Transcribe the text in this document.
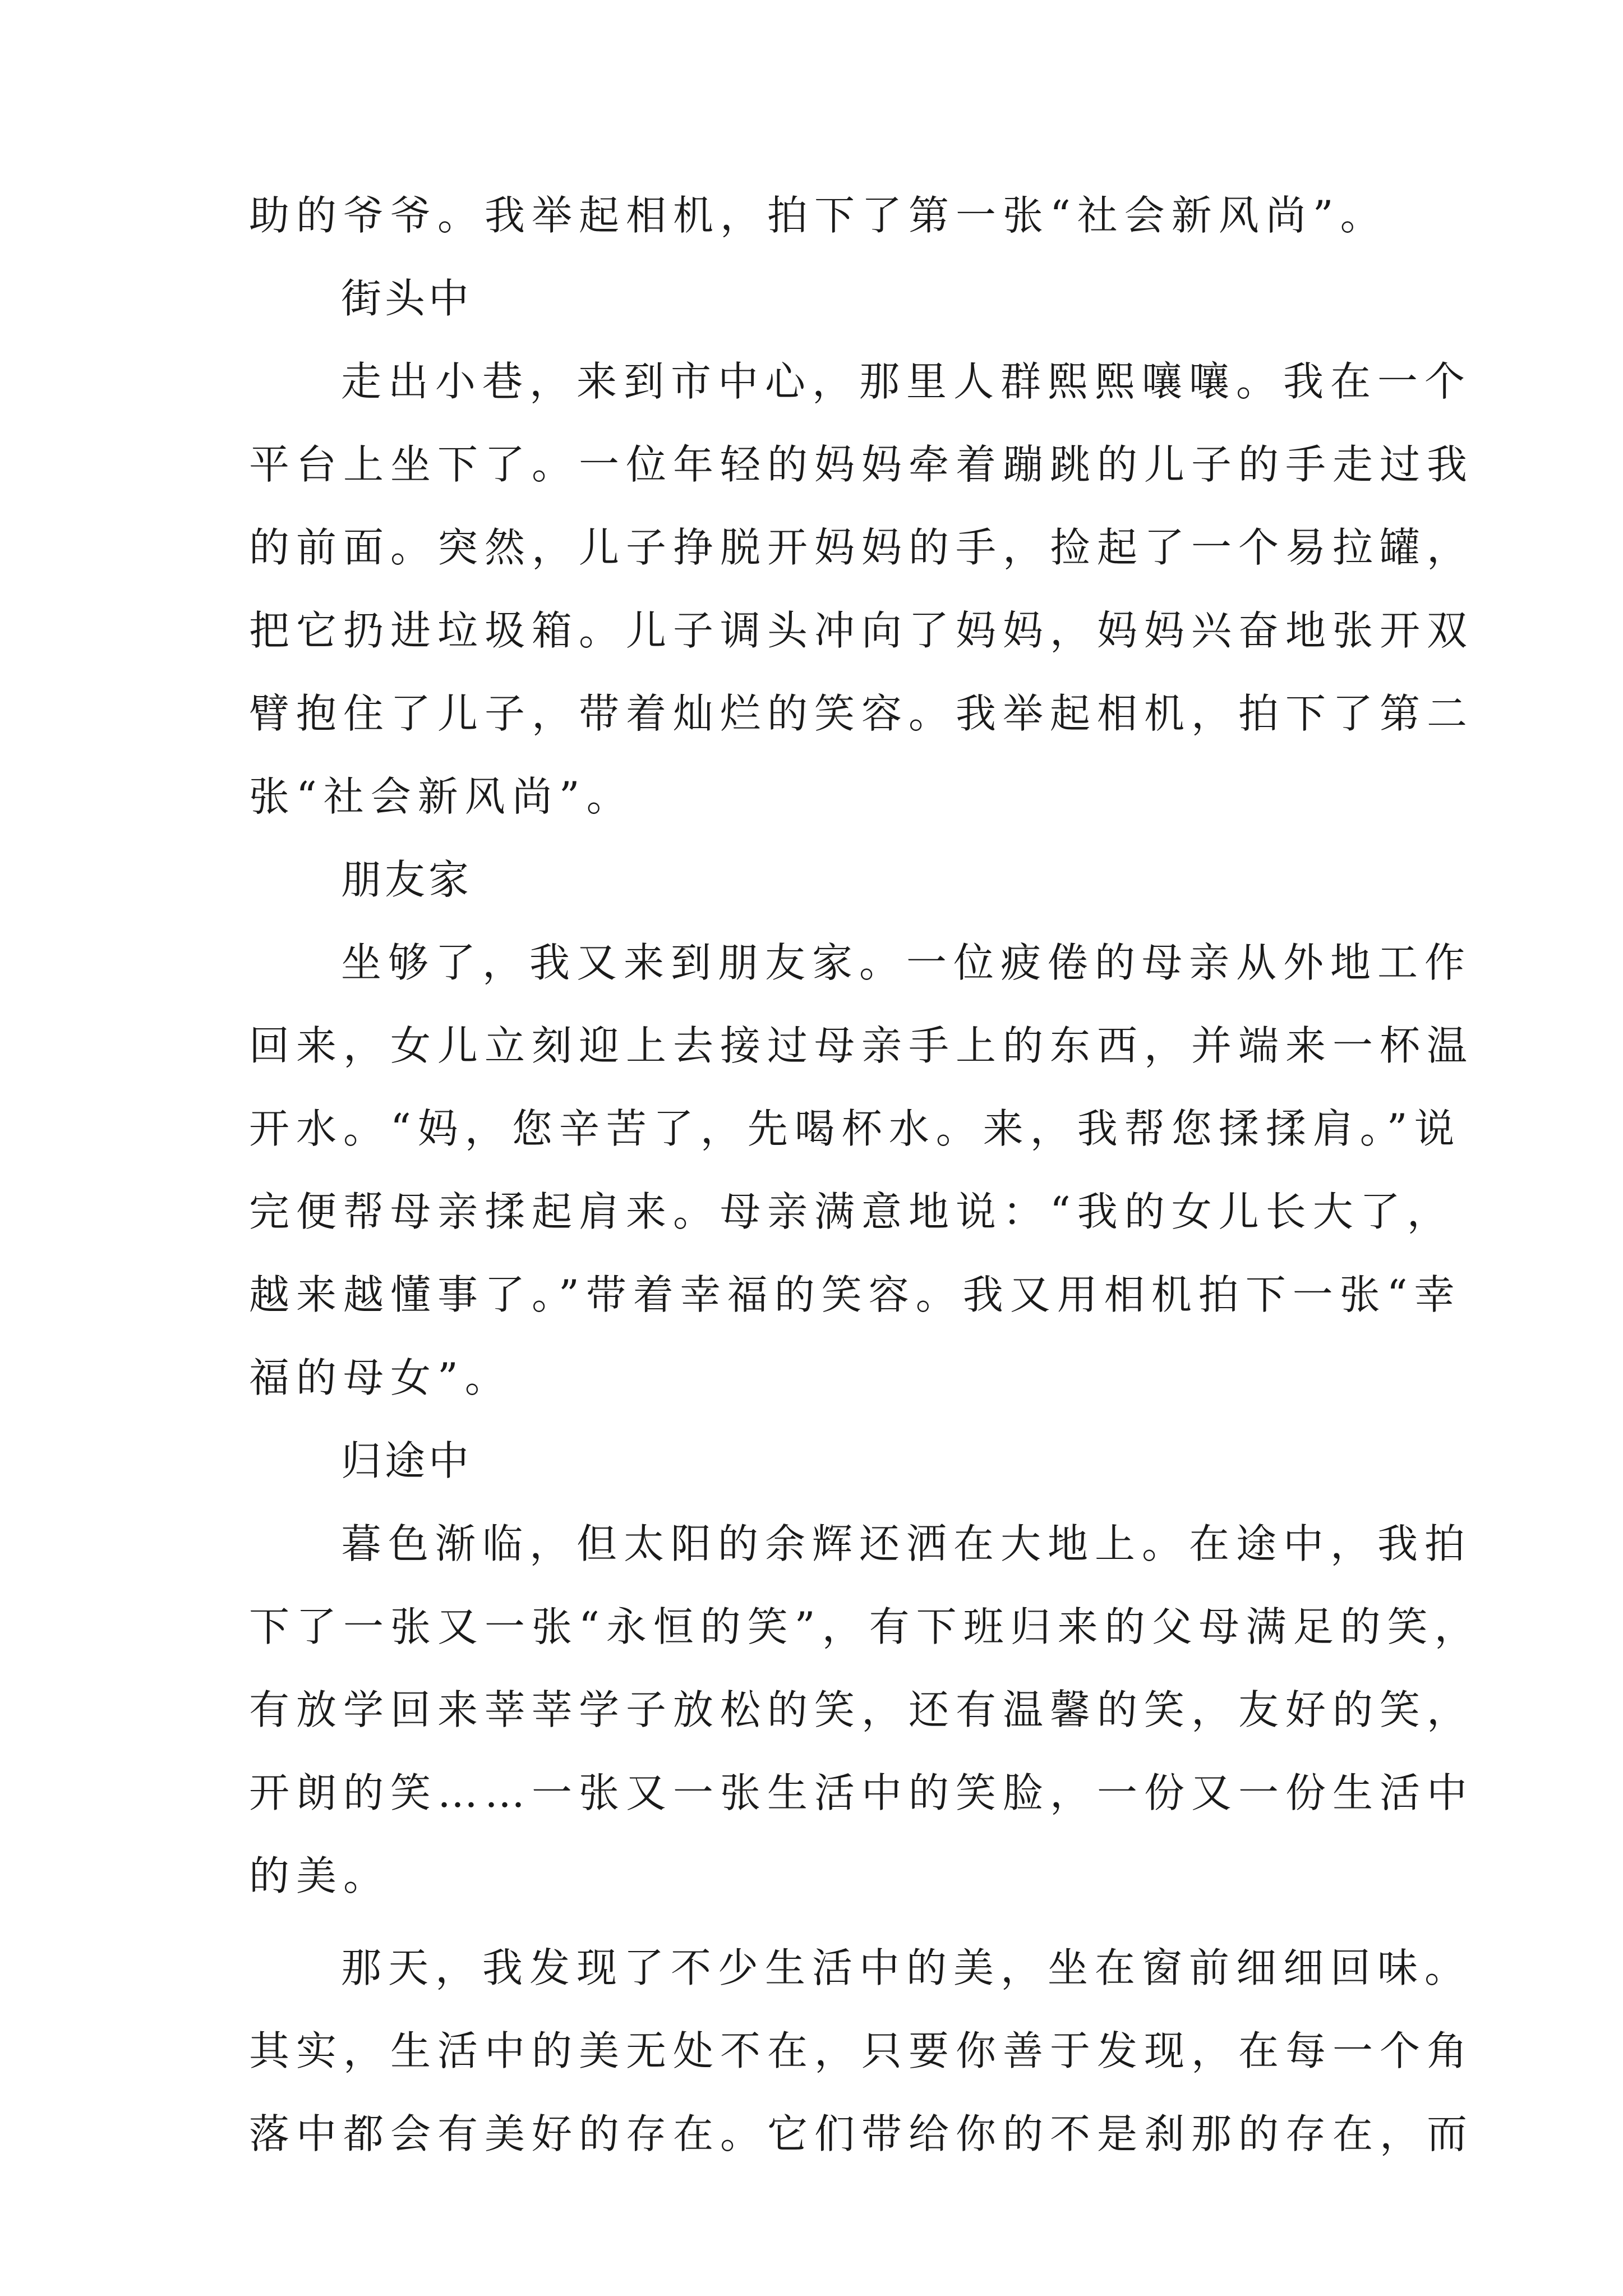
助的爷爷。我举起相机，拍下了第一张“社会新风尚”。
街头中
走出小巷，来到市中心，那里人群熙熙嚷嚷。我在一个
平台上坐下了。一位年轻的妈妈牵着蹦跳的儿子的手走过我
的前面。突然，儿子挣脱开妈妈的手，捡起了一个易拉罐，
把它扔进垃圾箱。儿子调头冲向了妈妈，妈妈兴奋地张开双
臂抱住了儿子，带着灿烂的笑容。我举起相机，拍下了第二
张“社会新风尚”。
朋友家
坐够了，我又来到朋友家。一位疲倦的母亲从外地工作
回来，女儿立刻迎上去接过母亲手上的东西，并端来一杯温
开水。“妈，您辛苦了，先喝杯水。来，我帮您揉揉肩。”说
完便帮母亲揉起肩来。母亲满意地说：“我的女儿长大了，
越来越懂事了。”带着幸福的笑容。我又用相机拍下一张“幸
福的母女”。
归途中
暮色渐临，但太阳的余辉还洒在大地上。在途中，我拍
下了一张又一张“永恒的笑”，有下班归来的父母满足的笑，
有放学回来莘莘学子放松的笑，还有温馨的笑，友好的笑，
开朗的笑……一张又一张生活中的笑脸，一份又一份生活中
的美。
那天，我发现了不少生活中的美，坐在窗前细细回味。
其实，生活中的美无处不在，只要你善于发现，在每一个角
落中都会有美好的存在。它们带给你的不是刹那的存在，而
